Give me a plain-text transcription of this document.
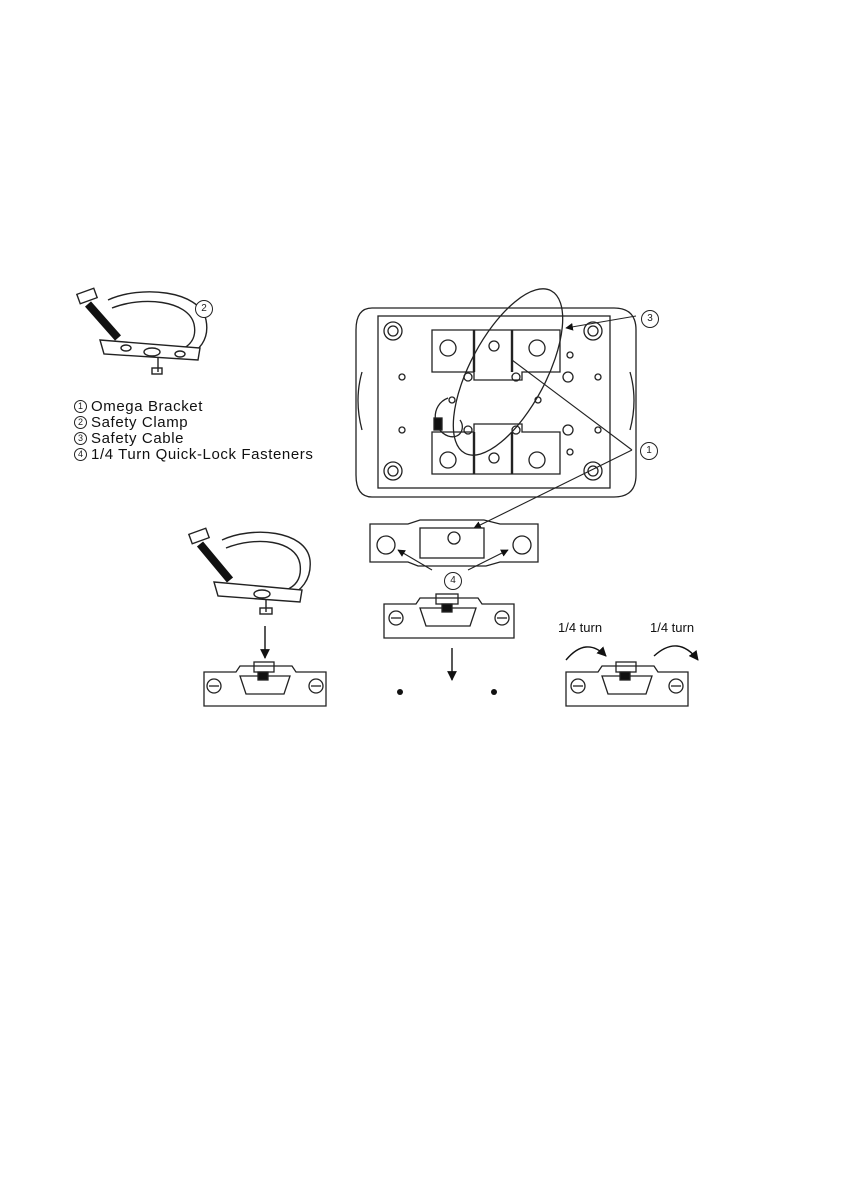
2
3
1
4
1/4 turn	1/4 turn
1 Omega Bracket
2 Safety Clamp
3 Safety Cable
4 1/4 Turn Quick-Lock Fasteners
